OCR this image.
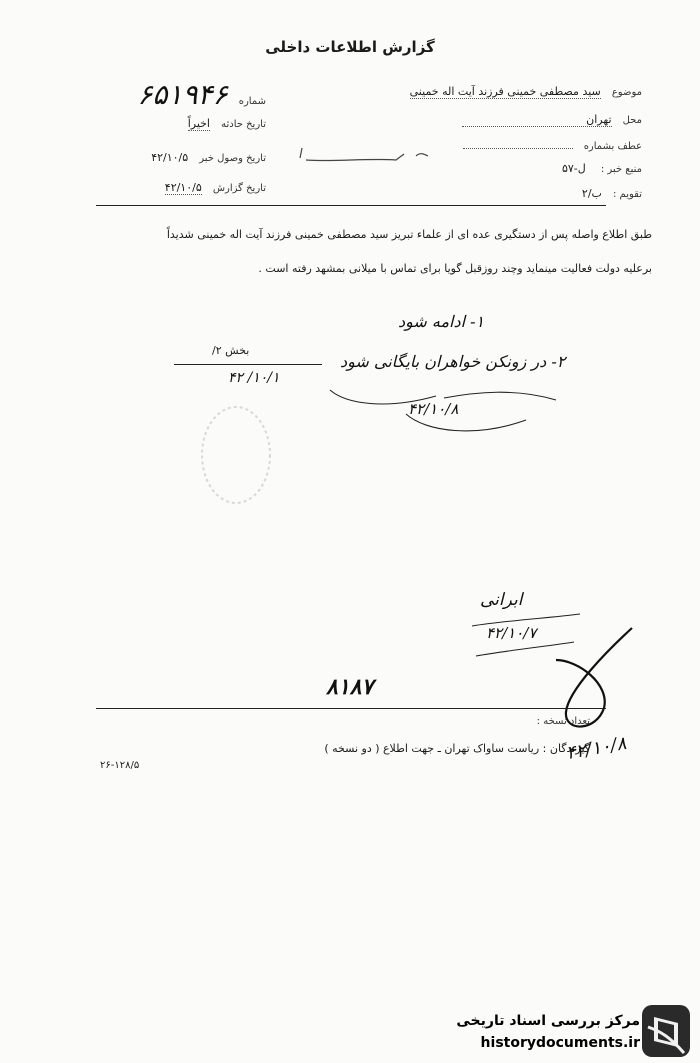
گزارش اطلاعات داخلی
موضوع سید مصطفی خمینی فرزند آیت اله خمینی
محل تهران
عطف بشماره
منبع خبر : ل-۵۷
تقویم : ب/۲
شماره ۶۵۱۹۴۶
تاریخ حادثه اخیراً
تاریخ وصول خبر ۴۲/۱۰/۵
تاریخ گزارش ۴۲/۱۰/۵
طبق اطلاع واصله پس از دستگیری عده ای از علماء تبریز سید مصطفی خمینی فرزند آیت اله خمینی شدیداً
برعلیه دولت فعالیت مینماید وچند روزقبل گویا برای تماس با میلانی بمشهد رفته است .
بخش ۲/
۱۰/۱/ ۴۲
۱- ادامه شود
۲- در زونکن خواهران بایگانی شود
۴۲/۱۰/۸
ابرانی
۴۲/۱۰/۷
۸۱۸۷
تعداد نسخه :
گیرندگان : ریاست ساواک تهران ـ جهت اطلاع ( دو نسخه )
۴۲/۱۰/۸
۲۶-۱۲۸/۵
مرکز بررسی اسناد تاریخی
historydocuments.ir
